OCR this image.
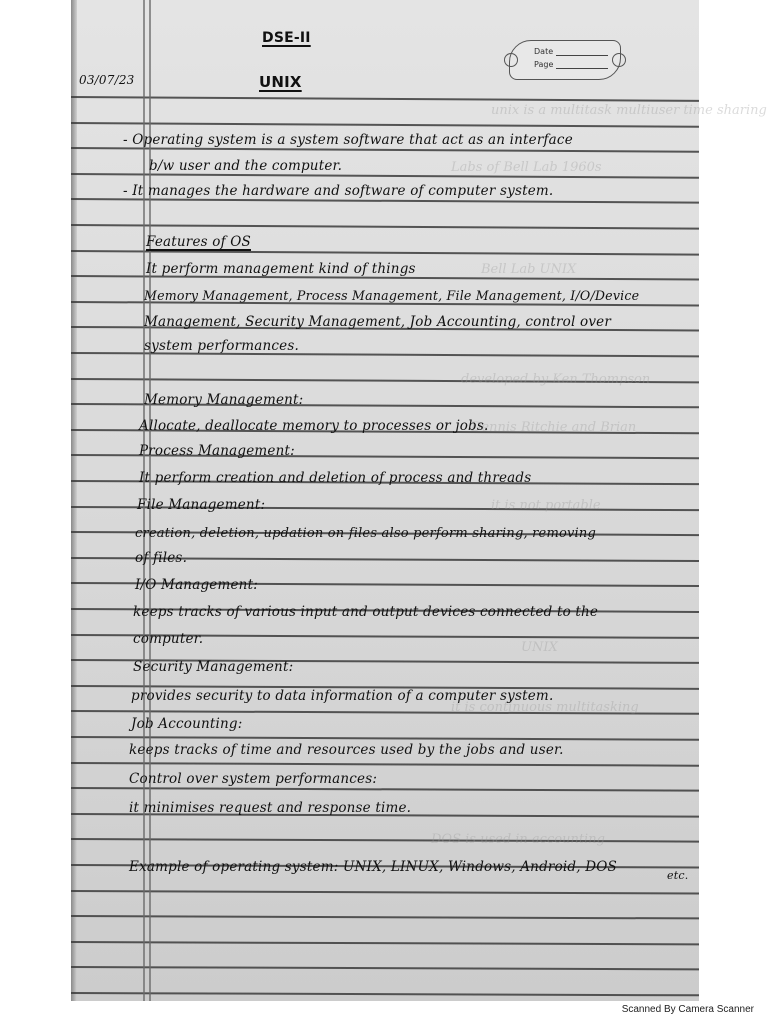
unix is a multitask multiuser time sharing
Labs of Bell Lab 1960s
Bell Lab UNIX
developed by Ken Thompson
Dennis Ritchie and Brian
it is not portable
UNIX
it is continuous multitasking
DOS is used in accounting
DSE-II
UNIX
03/07/23
Date
Page
- Operating system is a system software that act as an interface
b/w user and the computer.
- It manages the hardware and software of computer system.
Features of OS
It perform management kind of things
Memory Management, Process Management, File Management, I/O/Device
Management, Security Management, Job Accounting, control over
system performances.
Memory Management:
Allocate, deallocate memory to processes or jobs.
Process Management:
It perform creation and deletion of process and threads
File Management:
creation, deletion, updation on files also perform sharing, removing
of files.
I/O Management:
keeps tracks of various input and output devices connected to the
computer.
Security Management:
provides security to data information of a computer system.
Job Accounting:
keeps tracks of time and resources used by the jobs and user.
Control over system performances:
it minimises request and response time.
Example of operating system: UNIX, LINUX, Windows, Android, DOS
etc.
Scanned By Camera Scanner
